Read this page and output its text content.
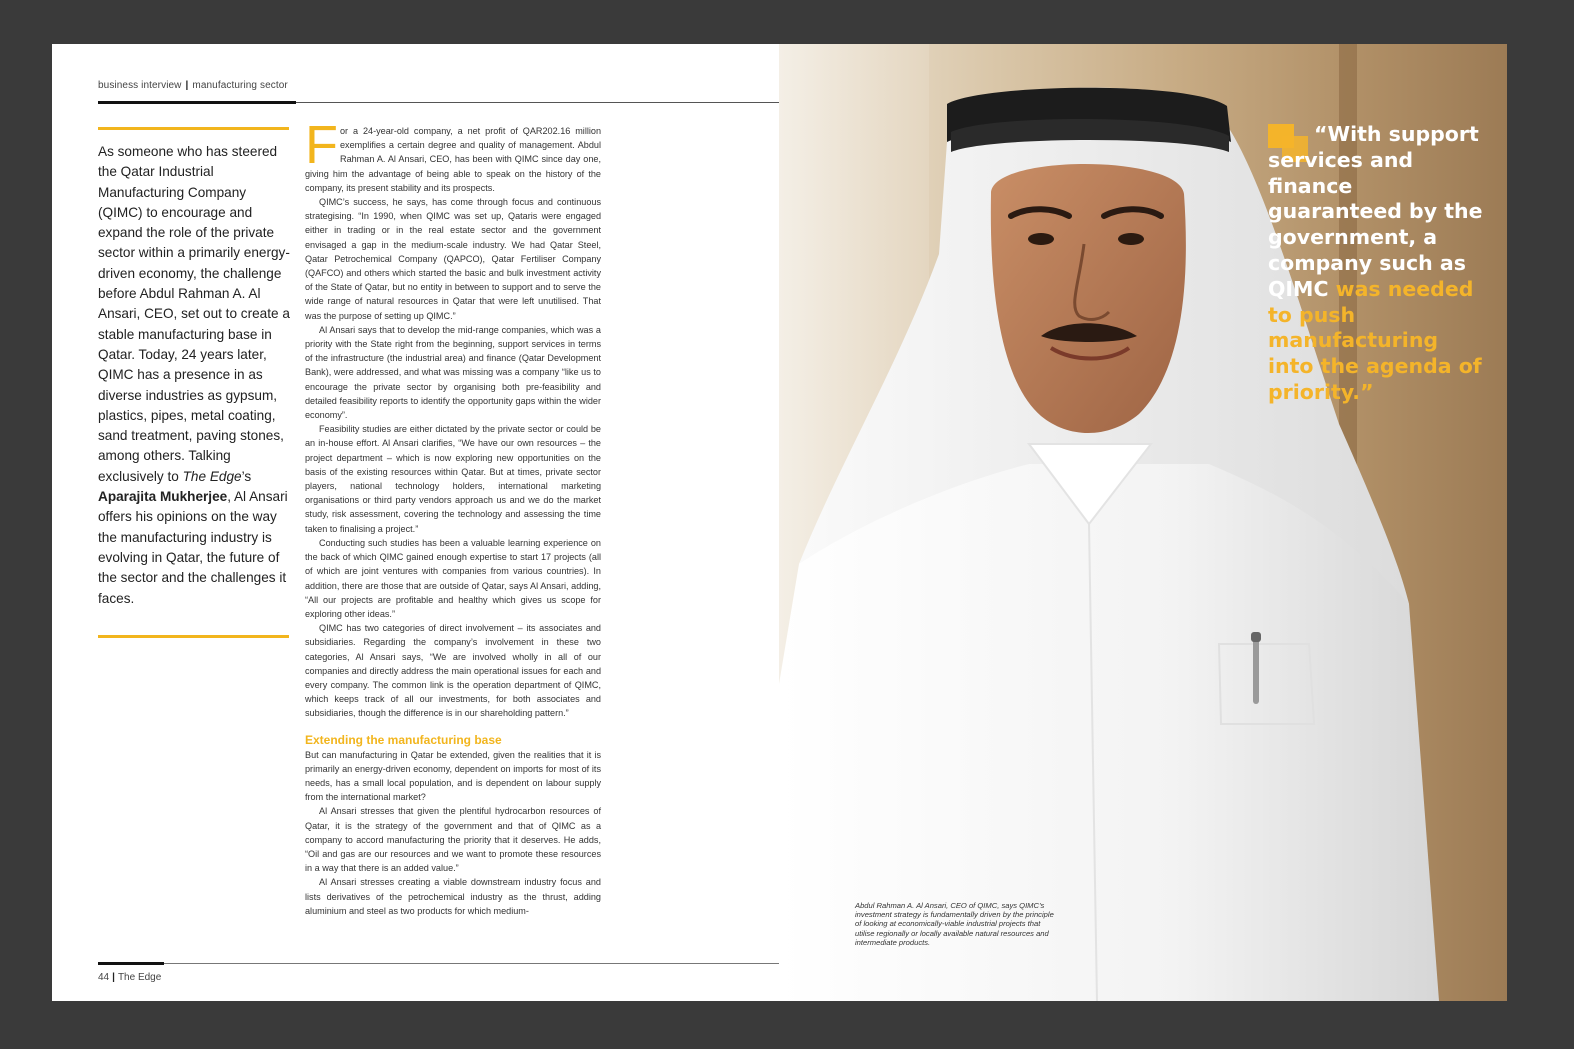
business interview | manufacturing sector
As someone who has steered the Qatar Industrial Manufacturing Company (QIMC) to encourage and expand the role of the private sector within a primarily energy-driven economy, the challenge before Abdul Rahman A. Al Ansari, CEO, set out to create a stable manufacturing base in Qatar. Today, 24 years later, QIMC has a presence in as diverse industries as gypsum, plastics, pipes, metal coating, sand treatment, paving stones, among others. Talking exclusively to The Edge’s Aparajita Mukherjee, Al Ansari offers his opinions on the way the manufacturing industry is evolving in Qatar, the future of the sector and the challenges it faces.

For a 24-year-old company, a net profit of QAR202.16 million exemplifies a certain degree and quality of management. Abdul Rahman A. Al Ansari, CEO, has been with QIMC since day one, giving him the advantage of being able to speak on the history of the company, its present stability and its prospects.

QIMC’s success, he says, has come through focus and continuous strategising. “In 1990, when QIMC was set up, Qataris were engaged either in trading or in the real estate sector and the government envisaged a gap in the medium-scale industry. We had Qatar Steel, Qatar Petrochemical Company (QAPCO), Qatar Fertiliser Company (QAFCO) and others which started the basic and bulk investment activity of the State of Qatar, but no entity in between to support and to serve the wide range of natural resources in Qatar that were left unutilised. That was the purpose of setting up QIMC.”

Al Ansari says that to develop the mid-range companies, which was a priority with the State right from the beginning, support services in terms of the infrastructure (the industrial area) and finance (Qatar Development Bank), were addressed, and what was missing was a company “like us to encourage the private sector by organising both pre-feasibility and detailed feasibility reports to identify the opportunity gaps within the wider economy”.

Feasibility studies are either dictated by the private sector or could be an in-house effort. Al Ansari clarifies, “We have our own resources – the project department – which is now exploring new opportunities on the basis of the existing resources within Qatar. But at times, private sector players, national technology holders, international marketing organisations or third party vendors approach us and we do the market study, risk assessment, covering the technology and assessing the time taken to finalising a project.”

Conducting such studies has been a valuable learning experience on the back of which QIMC gained enough expertise to start 17 projects (all of which are joint ventures with companies from various countries). In addition, there are those that are outside of Qatar, says Al Ansari, adding, “All our projects are profitable and healthy which gives us scope for exploring other ideas.”

QIMC has two categories of direct involvement – its associates and subsidiaries. Regarding the company’s involvement in these two categories, Al Ansari says, “We are involved wholly in all of our companies and directly address the main operational issues for each and every company. The common link is the operation department of QIMC, which keeps track of all our investments, for both associates and subsidiaries, though the difference is in our shareholding pattern.”

Extending the manufacturing base

But can manufacturing in Qatar be extended, given the realities that it is primarily an energy-driven economy, dependent on imports for most of its needs, has a small local population, and is dependent on labour supply from the international market?

Al Ansari stresses that given the plentiful hydrocarbon resources of Qatar, it is the strategy of the government and that of QIMC as a company to accord manufacturing the priority that it deserves. He adds, “Oil and gas are our resources and we want to promote these resources in a way that there is an added value.”

Al Ansari stresses creating a viable downstream industry focus and lists derivatives of the petrochemical industry as the thrust, adding aluminium and steel as two products for which medium-

44 | The Edge
“With support services and finance guaranteed by the government, a company such as QIMC was needed to push manufacturing into the agenda of priority.”
Abdul Rahman A. Al Ansari, CEO of QIMC, says QIMC’s investment strategy is fundamentally driven by the principle of looking at economically-viable industrial projects that utilise regionally or locally available natural resources and intermediate products.
